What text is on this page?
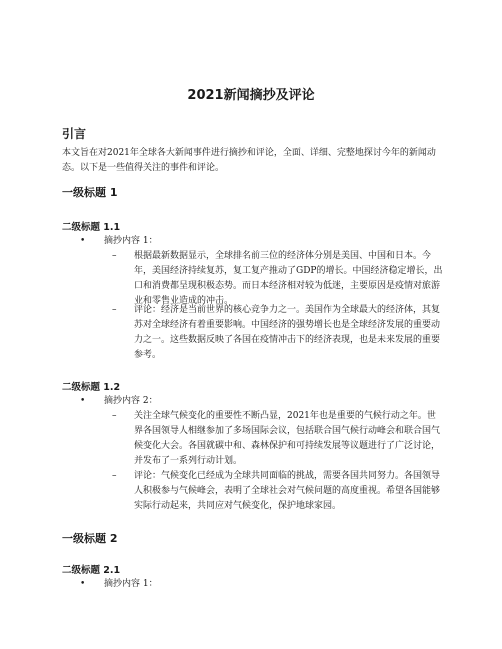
2021新闻摘抄及评论
引言
本文旨在对2021年全球各大新闻事件进行摘抄和评论，全面、详细、完整地探讨今年的新闻动态。以下是一些值得关注的事件和评论。
一级标题 1
二级标题 1.1
• 摘抄内容 1：
– 根据最新数据显示，全球排名前三位的经济体分别是美国、中国和日本。今年，美国经济持续复苏，复工复产推动了GDP的增长。中国经济稳定增长，出口和消费都呈现积极态势。而日本经济相对较为低迷，主要原因是疫情对旅游业和零售业造成的冲击。
– 评论：经济是当前世界的核心竞争力之一。美国作为全球最大的经济体，其复苏对全球经济有着重要影响。中国经济的强势增长也是全球经济发展的重要动力之一。这些数据反映了各国在疫情冲击下的经济表现，也是未来发展的重要参考。
二级标题 1.2
• 摘抄内容 2：
– 关注全球气候变化的重要性不断凸显，2021年也是重要的气候行动之年。世界各国领导人相继参加了多场国际会议，包括联合国气候行动峰会和联合国气候变化大会。各国就碳中和、森林保护和可持续发展等议题进行了广泛讨论，并发布了一系列行动计划。
– 评论：气候变化已经成为全球共同面临的挑战，需要各国共同努力。各国领导人积极参与气候峰会，表明了全球社会对气候问题的高度重视。希望各国能够实际行动起来，共同应对气候变化，保护地球家园。
一级标题 2
二级标题 2.1
• 摘抄内容 1：
